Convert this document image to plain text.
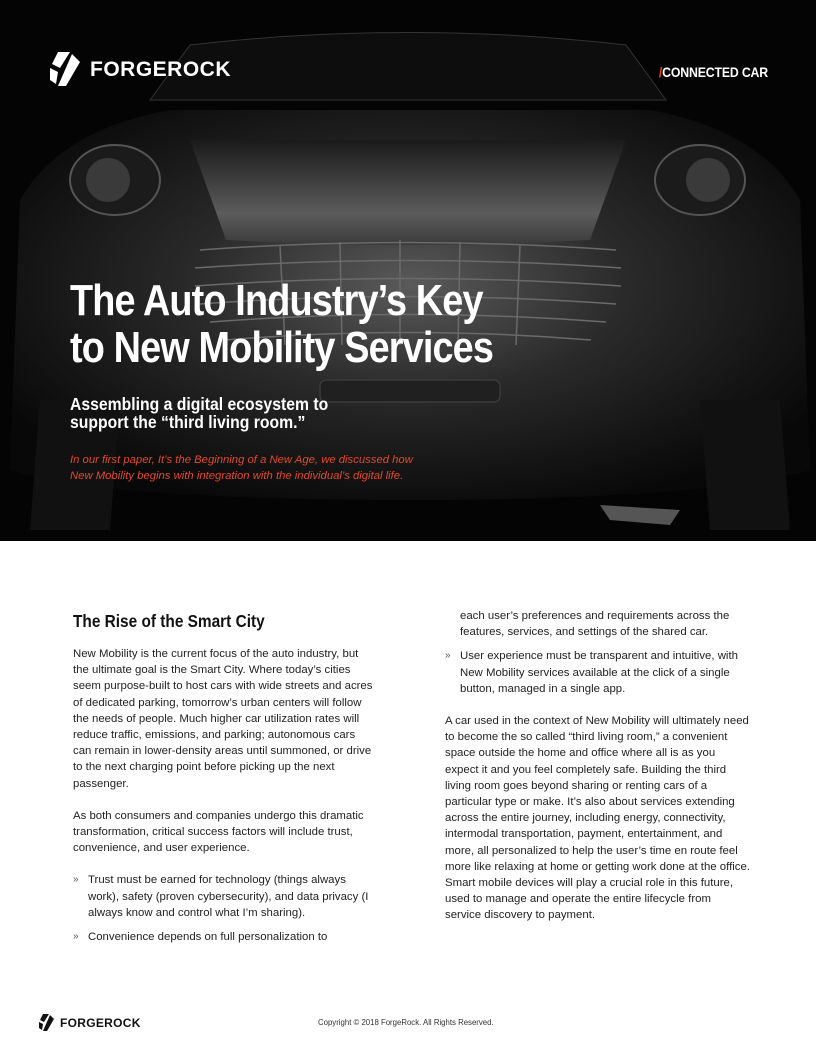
FORGEROCK	/CONNECTED CAR
The Auto Industry’s Key
to New Mobility Services
Assembling a digital ecosystem to
support the “third living room.”

In our first paper, It’s the Beginning of a New Age, we discussed how
New Mobility begins with integration with the individual’s digital life.

The Rise of the Smart City

New Mobility is the current focus of the auto industry, but the ultimate goal is the Smart City. Where today’s cities seem purpose-built to host cars with wide streets and acres of dedicated parking, tomorrow’s urban centers will follow the needs of people. Much higher car utilization rates will reduce traffic, emissions, and parking; autonomous cars can remain in lower-density areas until summoned, or drive to the next charging point before picking up the next passenger.

As both consumers and companies undergo this dramatic transformation, critical success factors will include trust, convenience, and user experience.

» Trust must be earned for technology (things always work), safety (proven cybersecurity), and data privacy (I always know and control what I’m sharing).
» Convenience depends on full personalization to
each user’s preferences and requirements across the features, services, and settings of the shared car.
» User experience must be transparent and intuitive, with New Mobility services available at the click of a single button, managed in a single app.

A car used in the context of New Mobility will ultimately need to become the so called “third living room,” a convenient space outside the home and office where all is as you expect it and you feel completely safe. Building the third living room goes beyond sharing or renting cars of a particular type or make. It’s also about services extending across the entire journey, including energy, connectivity, intermodal transportation, payment, entertainment, and more, all personalized to help the user’s time en route feel more like relaxing at home or getting work done at the office. Smart mobile devices will play a crucial role in this future, used to manage and operate the entire lifecycle from service discovery to payment.

FORGEROCK	Copyright © 2018 ForgeRock. All Rights Reserved.
